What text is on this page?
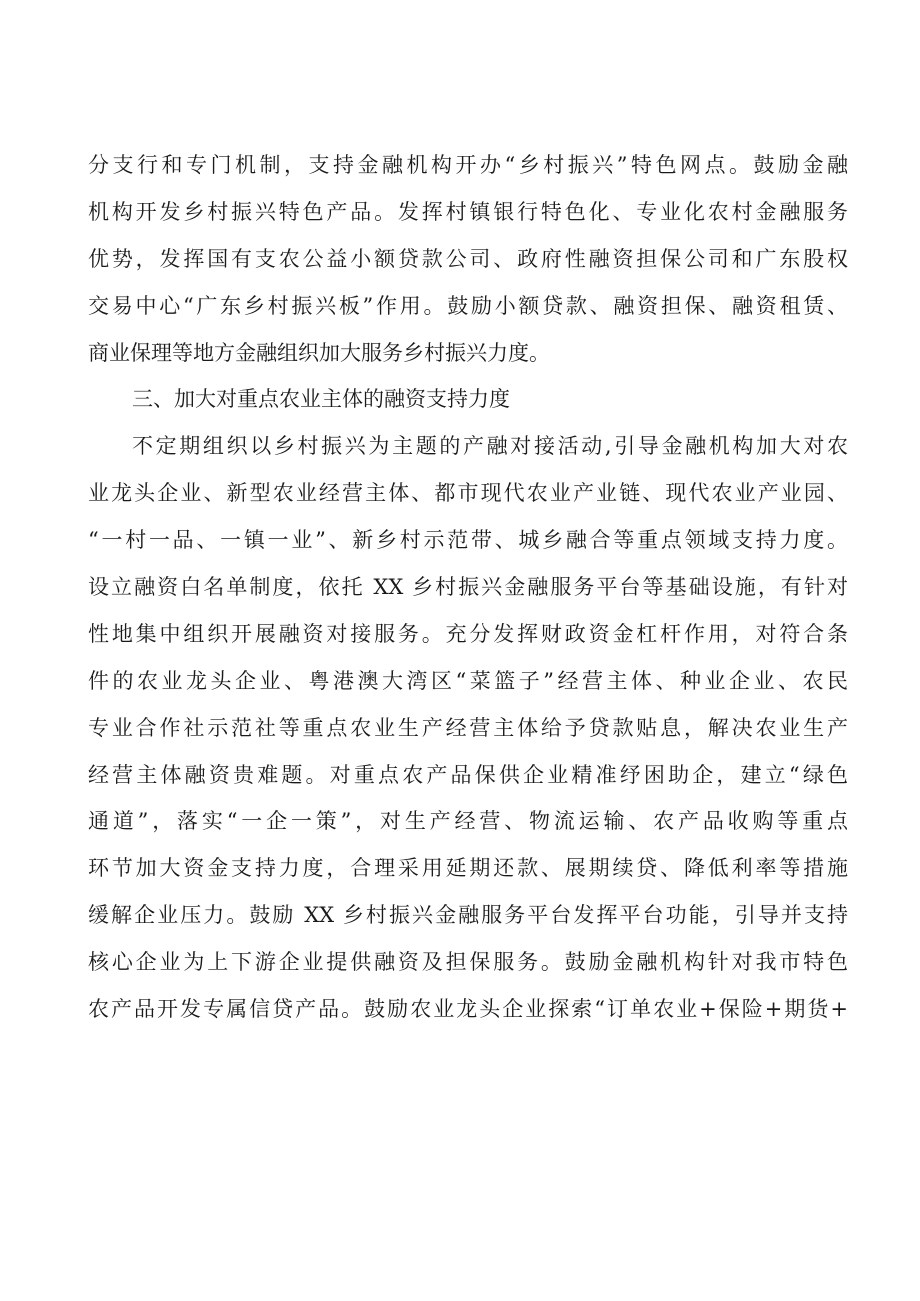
分支行和专门机制，支持金融机构开办“乡村振兴”特色网点。鼓励金融
机构开发乡村振兴特色产品。发挥村镇银行特色化、专业化农村金融服务
优势，发挥国有支农公益小额贷款公司、政府性融资担保公司和广东股权
交易中心“广东乡村振兴板”作用。鼓励小额贷款、融资担保、融资租赁、
商业保理等地方金融组织加大服务乡村振兴力度。
三、加大对重点农业主体的融资支持力度
不定期组织以乡村振兴为主题的产融对接活动,引导金融机构加大对农
业龙头企业、新型农业经营主体、都市现代农业产业链、现代农业产业园、
“一村一品、一镇一业”、新乡村示范带、城乡融合等重点领域支持力度。
设立融资白名单制度，依托 XX 乡村振兴金融服务平台等基础设施，有针对
性地集中组织开展融资对接服务。充分发挥财政资金杠杆作用，对符合条
件的农业龙头企业、粤港澳大湾区“菜篮子”经营主体、种业企业、农民
专业合作社示范社等重点农业生产经营主体给予贷款贴息，解决农业生产
经营主体融资贵难题。对重点农产品保供企业精准纾困助企，建立“绿色
通道”，落实“一企一策”，对生产经营、物流运输、农产品收购等重点
环节加大资金支持力度，合理采用延期还款、展期续贷、降低利率等措施
缓解企业压力。鼓励 XX 乡村振兴金融服务平台发挥平台功能，引导并支持
核心企业为上下游企业提供融资及担保服务。鼓励金融机构针对我市特色
农产品开发专属信贷产品。鼓励农业龙头企业探索“订单农业+保险+期货+
